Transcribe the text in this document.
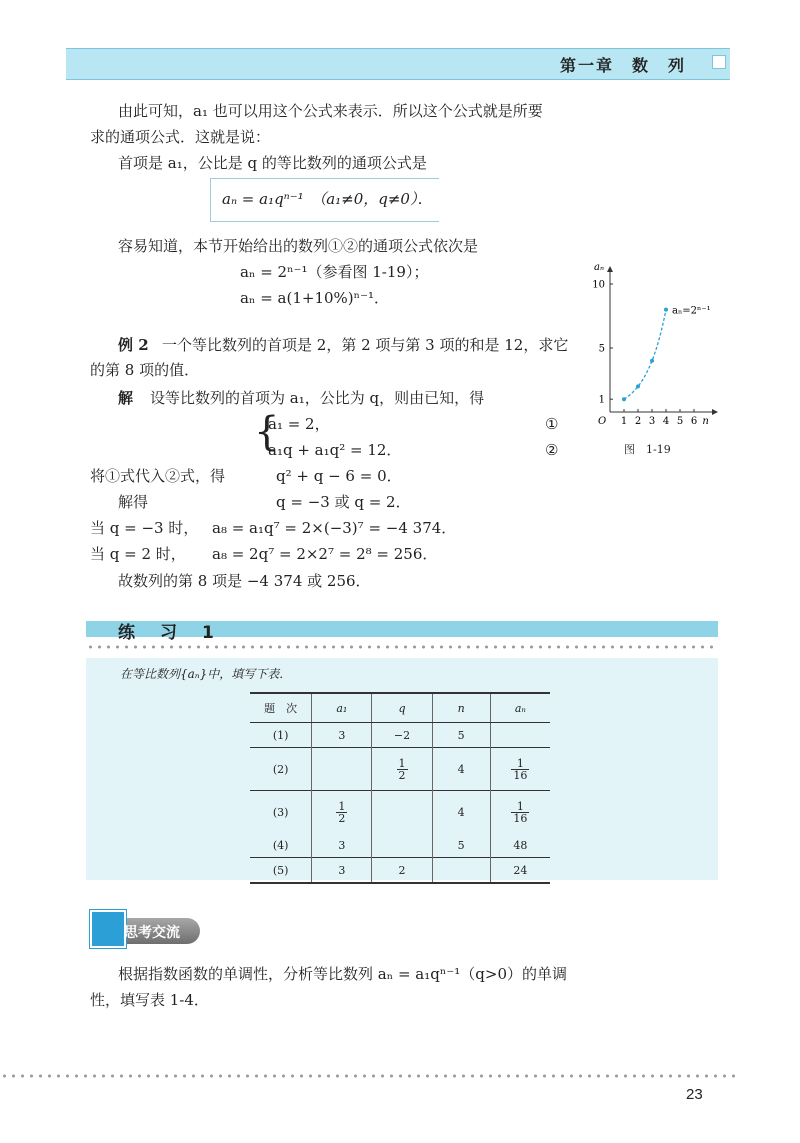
第一章　数　列
由此可知，a₁ 也可以用这个公式来表示．所以这个公式就是所要
求的通项公式．这就是说：
首项是 a₁，公比是 q 的等比数列的通项公式是
aₙ = a₁qⁿ⁻¹　（a₁≠0，q≠0）．
容易知道，本节开始给出的数列①②的通项公式依次是
aₙ = 2ⁿ⁻¹（参看图 1-19）；
aₙ = a(1+10%)ⁿ⁻¹．
例 2 一个等比数列的首项是 2，第 2 项与第 3 项的和是 12，求它
的第 8 项的值．
解 设等比数列的首项为 a₁，公比为 q，则由已知，得
{
a₁ = 2，
a₁q + a₁q² = 12．
①
②
将①式代入②式，得	q² + q − 6 = 0．
解得	q = −3 或 q = 2．
当 q = −3 时， a₈ = a₁q⁷ = 2×(−3)⁷ = −4 374．
当 q = 2 时， a₈ = 2q⁷ = 2×2⁷ = 2⁸ = 256．
故数列的第 8 项是 −4 374 或 256．
1 2 3 4 5 6
1
5
10
aₙ
n
O
aₙ=2ⁿ⁻¹
图　1-19
练　习　1
在等比数列{aₙ}中，填写下表．
题　次	a₁	q	n	aₙ
(1)	3	−2	5	
(2)		$\frac{1}{2}$	4	$\frac{1}{16}$

(3)	$\frac{1}{2}$		4	$\frac{1}{16}$

(4)	3		5	48
(5)	3	2		24
思考交流
根据指数函数的单调性，分析等比数列 aₙ = a₁qⁿ⁻¹（q>0）的单调
性，填写表 1-4．
23
